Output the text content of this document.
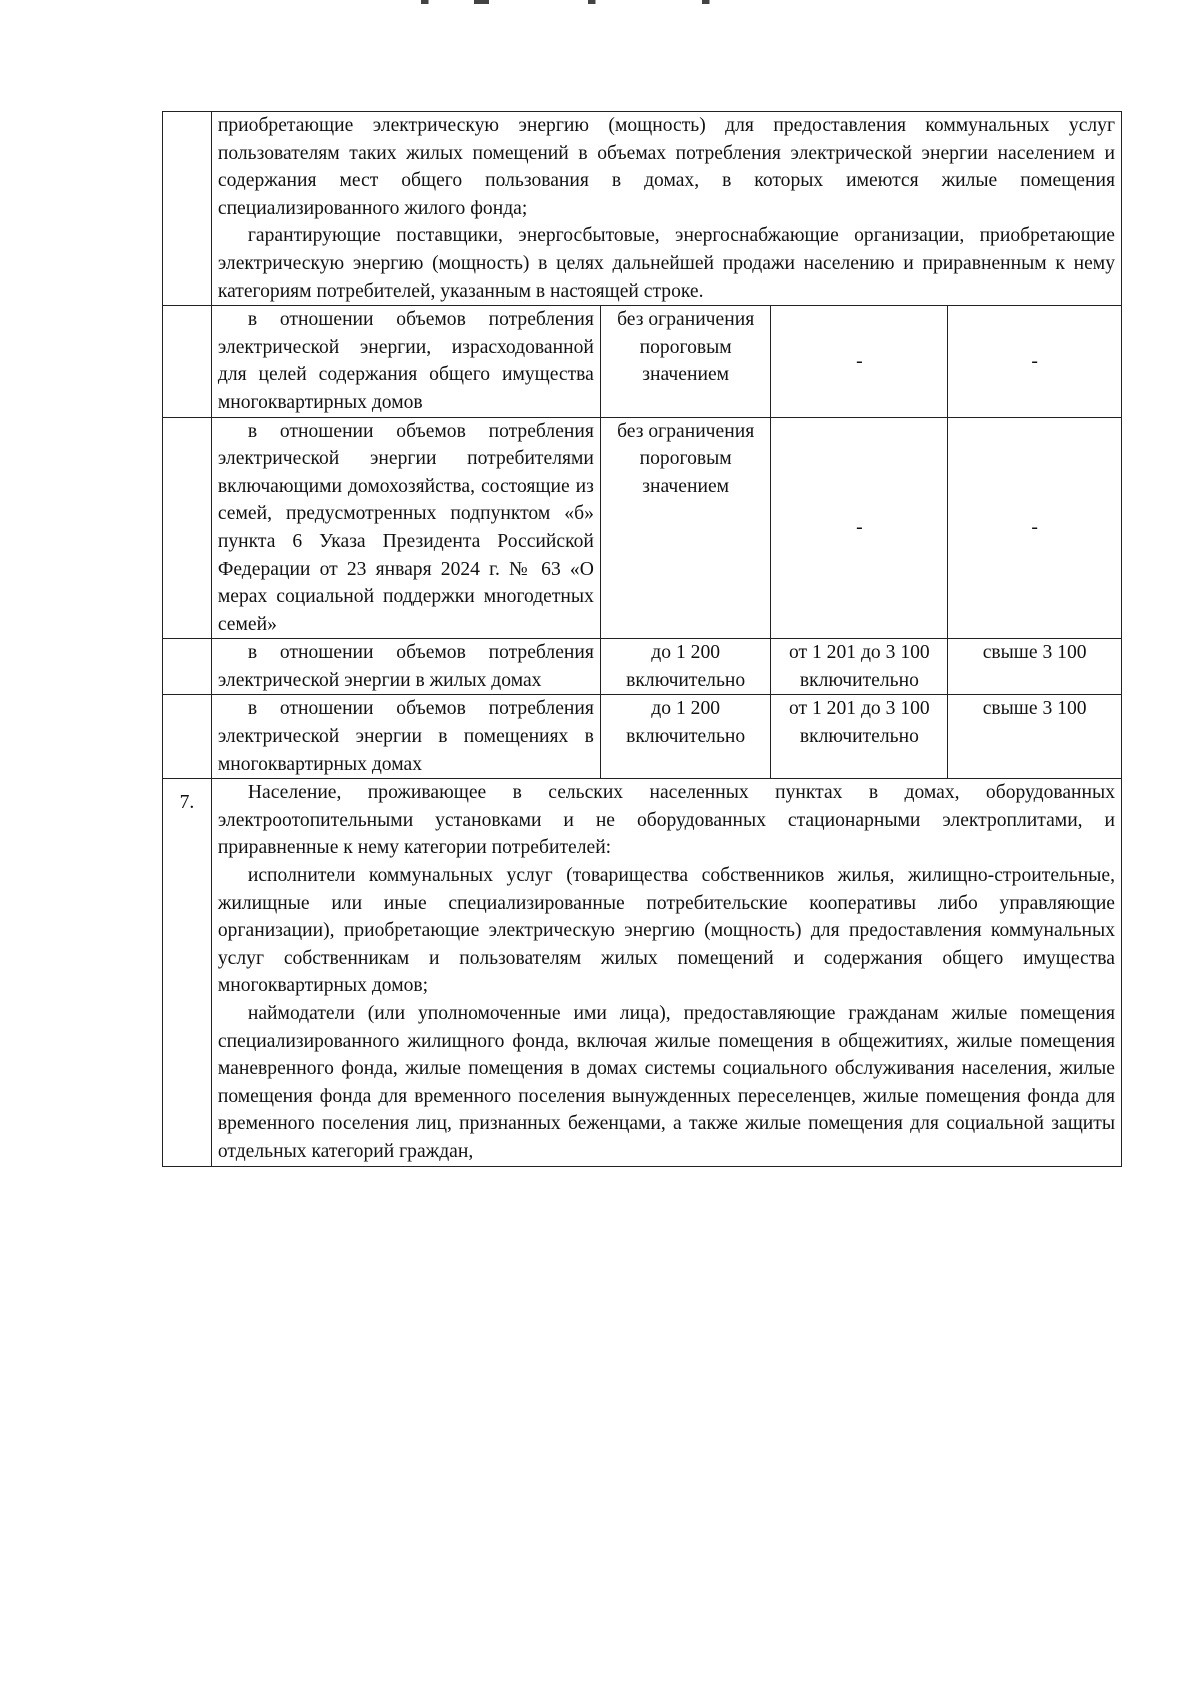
	приобретающие электрическую энергию (мощность) для предоставления коммунальных услуг пользователям таких жилых помещений в объемах потребления электрической энергии населением и содержания мест общего пользования в домах, в которых имеются жилые помещения специализированного жилого фонда;

гарантирующие поставщики, энергосбытовые, энергоснабжающие организации, приобретающие электрическую энергию (мощность) в целях дальнейшей продажи населению и приравненным к нему категориям потребителей, указанным в настоящей строке.			

	в отношении объемов потребления электрической энергии, израсходованной для целей содержания общего имущества многоквартирных домов	без ограничения пороговым значением	-	-

	в отношении объемов потребления электрической энергии потребителями включающими домохозяйства, состоящие из семей, предусмотренных подпунктом «б» пункта 6 Указа Президента Российской Федерации от 23 января 2024 г. № 63 «О мерах социальной поддержки многодетных семей»	без ограничения пороговым значением	-	-

	в отношении объемов потребления электрической энергии в жилых домах	до 1 200 включительно	от 1 201 до 3 100 включительно	свыше 3 100

	в отношении объемов потребления электрической энергии в помещениях в многоквартирных домах	до 1 200 включительно	от 1 201 до 3 100 включительно	свыше 3 100

7.	Население, проживающее в сельских населенных пунктах в домах, оборудованных электроотопительными установками и не оборудованных стационарными электроплитами, и приравненные к нему категории потребителей:

исполнители коммунальных услуг (товарищества собственников жилья, жилищно-строительные, жилищные или иные специализированные потребительские кооперативы либо управляющие организации), приобретающие электрическую энергию (мощность) для предоставления коммунальных услуг собственникам и пользователям жилых помещений и содержания общего имущества многоквартирных домов;

наймодатели (или уполномоченные ими лица), предоставляющие гражданам жилые помещения специализированного жилищного фонда, включая жилые помещения в общежитиях, жилые помещения маневренного фонда, жилые помещения в домах системы социального обслуживания населения, жилые помещения фонда для временного поселения вынужденных переселенцев, жилые помещения фонда для временного поселения лиц, признанных беженцами, а также жилые помещения для социальной защиты отдельных категорий граждан,			
